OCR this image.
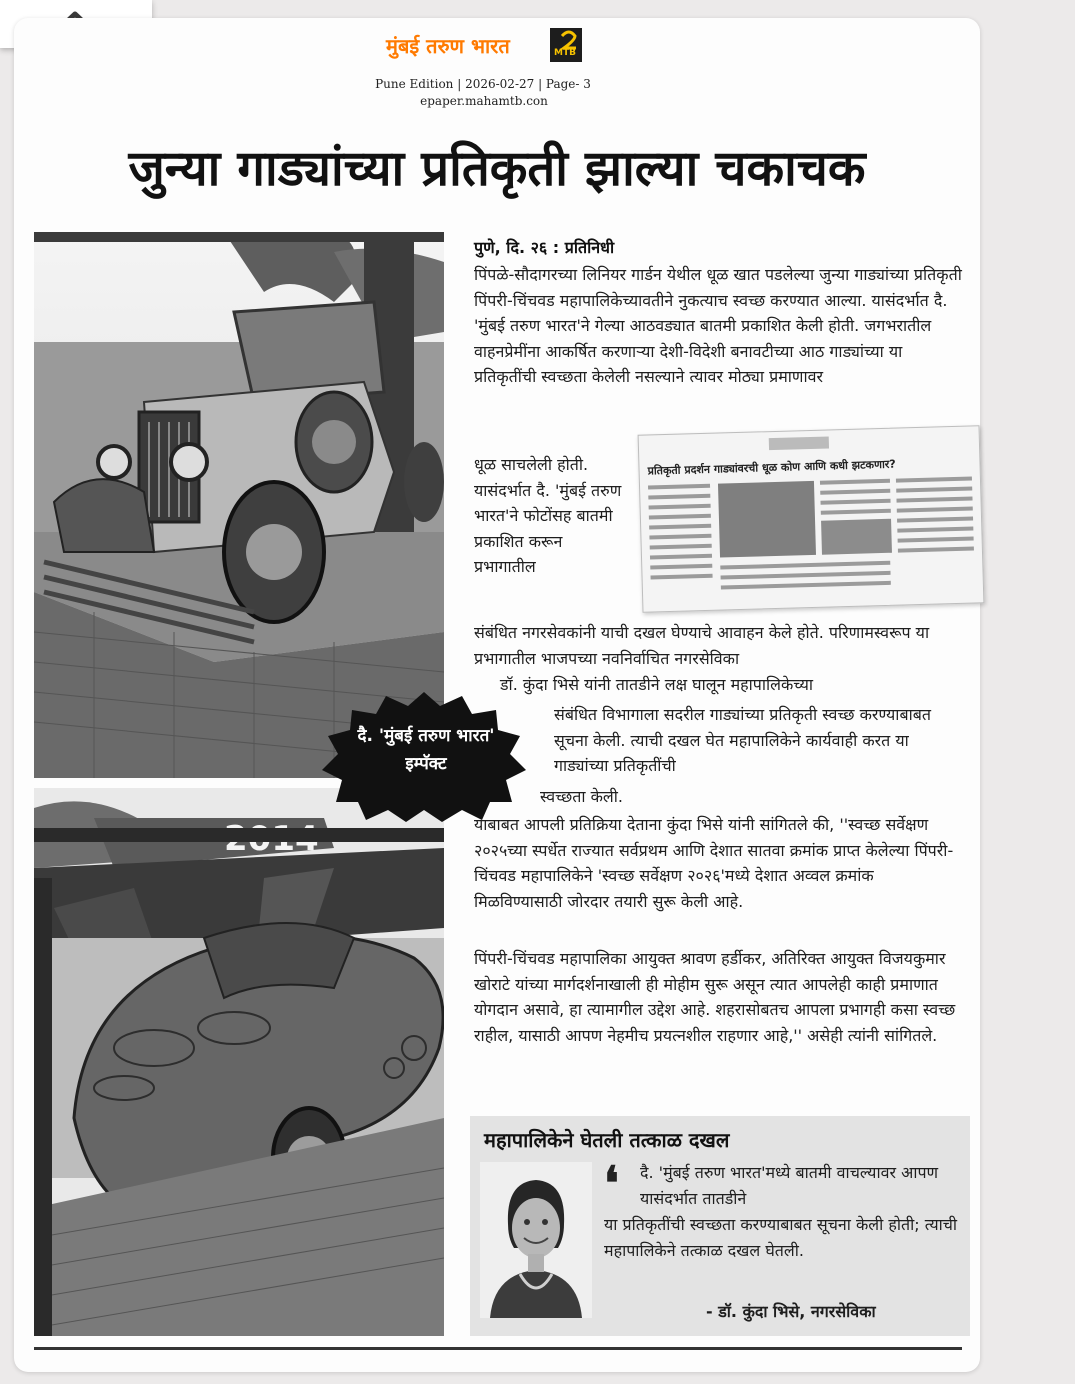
मुंबई तरुण भारत	MTB
Pune Edition | 2026-02-27 | Page- 3
epaper.mahamtb.con
जुन्या गाड्यांच्या प्रतिकृती झाल्या चकाचक
पुणे, दि. २६ : प्रतिनिधी

पिंपळे-सौदागरच्या लिनियर गार्डन येथील धूळ खात पडलेल्या जुन्या गाड्यांच्या प्रतिकृती पिंपरी-चिंचवड महापालिकेच्यावतीने नुकत्याच स्वच्छ करण्यात आल्या. यासंदर्भात दै. 'मुंबई तरुण भारत'ने गेल्या आठवड्यात बातमी प्रकाशित केली होती. जगभरातील वाहनप्रेमींना आकर्षित करणाऱ्या देशी-विदेशी बनावटीच्या आठ गाड्यांच्या या प्रतिकृतींची स्वच्छता केलेली नसल्याने त्यावर मोठ्या प्रमाणावर

धूळ साचलेली होती. यासंदर्भात दै. 'मुंबई तरुण भारत'ने फोटोंसह बातमी प्रकाशित करून प्रभागातील

प्रतिकृती प्रदर्शन गाड्यांवरची धूळ कोण आणि कधी झटकणार?

संबंधित नगरसेवकांनी याची दखल घेण्याचे आवाहन केले होते. परिणामस्वरूप या प्रभागातील भाजपच्या नवनिर्वाचित नगरसेविका

डॉ. कुंदा भिसे यांनी तातडीने लक्ष घालून महापालिकेच्या

संबंधित विभागाला सदरील गाड्यांच्या प्रतिकृती स्वच्छ करण्याबाबत सूचना केली. त्याची दखल घेत महापालिकेने कार्यवाही करत या गाड्यांच्या प्रतिकृतींची

स्वच्छता केली.

दै. 'मुंबई तरुण भारत' इम्पॅक्ट

याबाबत आपली प्रतिक्रिया देताना कुंदा भिसे यांनी सांगितले की, ''स्वच्छ सर्वेक्षण २०२५च्या स्पर्धेत राज्यात सर्वप्रथम आणि देशात सातवा क्रमांक प्राप्त केलेल्या पिंपरी-चिंचवड महापालिकेने 'स्वच्छ सर्वेक्षण २०२६'मध्ये देशात अव्वल क्रमांक मिळविण्यासाठी जोरदार तयारी सुरू केली आहे.

पिंपरी-चिंचवड महापालिका आयुक्त श्रावण हर्डीकर, अतिरिक्त आयुक्त विजयकुमार खोराटे यांच्या मार्गदर्शनाखाली ही मोहीम सुरू असून त्यात आपलेही काही प्रमाणात योगदान असावे, हा त्यामागील उद्देश आहे. शहरासोबतच आपला प्रभागही कसा स्वच्छ राहील, यासाठी आपण नेहमीच प्रयत्नशील राहणार आहे,'' असेही त्यांनी सांगितले.

महापालिकेने घेतली तत्काळ दखल
❛ दै. 'मुंबई तरुण भारत'मध्ये बातमी वाचल्यावर आपण यासंदर्भात तातडीने

या प्रतिकृतींची स्वच्छता करण्याबाबत सूचना केली होती; त्याची महापालिकेने तत्काळ दखल घेतली.

- डॉ. कुंदा भिसे, नगरसेविका
